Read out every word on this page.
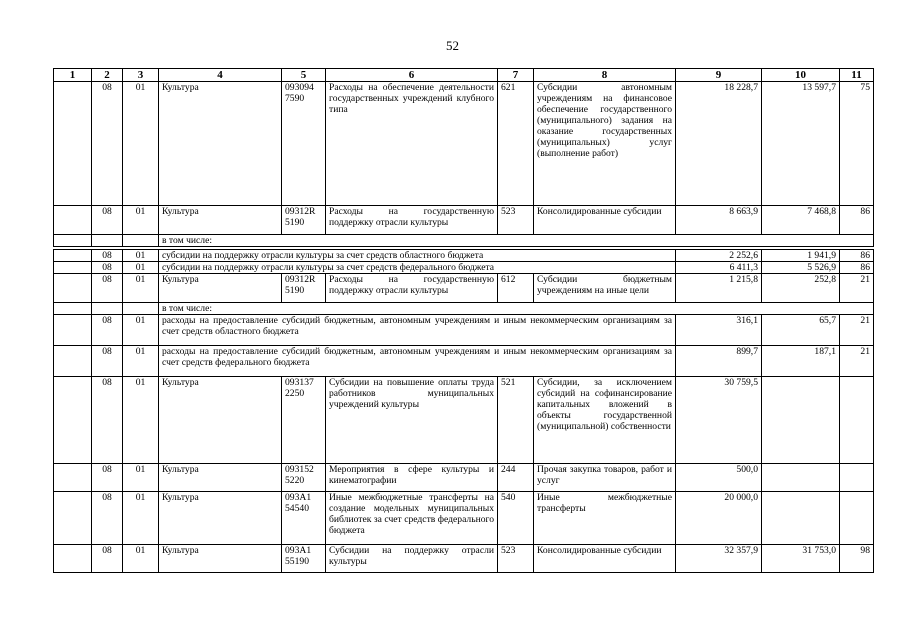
52
1	2	3	4	5	6	7	8	9	10	11
	08	01	Культура	093094 7590	Расходы на обеспечение деятельности государственных учреждений клубного типа	621	Субсидии автономным учреждениям на финансовое обеспечение государственного (муниципального) задания на оказание государственных (муниципальных) услуг (выполнение работ)	18 228,7	13 597,7	75
	08	01	Культура	09312R 5190	Расходы на государственную поддержку отрасли культуры	523	Консолидированные субсидии	8 663,9	7 468,8	86
			в том числе:							

	08	01	субсидии на поддержку отрасли культуры за счет средств областного бюджета					2 252,6	1 941,9	86
	08	01	субсидии на поддержку отрасли культуры за счет средств федерального бюджета					6 411,3	5 526,9	86
	08	01	Культура	09312R 5190	Расходы на государственную поддержку отрасли культуры	612	Субсидии бюджетным учреждениям на иные цели	1 215,8	252,8	21
			в том числе:							
	08	01	расходы на предоставление субсидий бюджетным, автономным учреждениям и иным некоммерческим организациям за счет средств областного бюджета					316,1	65,7	21
	08	01	расходы на предоставление субсидий бюджетным, автономным учреждениям и иным некоммерческим организациям за счет средств федерального бюджета					899,7	187,1	21
	08	01	Культура	093137 2250	Субсидии на повышение оплаты труда работников муниципальных учреждений культуры	521	Субсидии, за исключением субсидий на софинансирование капитальных вложений в объекты государственной (муниципальной) собственности	30 759,5		
	08	01	Культура	093152 5220	Мероприятия в сфере культуры и кинематографии	244	Прочая закупка товаров, работ и услуг	500,0		
	08	01	Культура	093A1 54540	Иные межбюджетные трансферты на создание модельных муниципальных библиотек за счет средств федерального бюджета	540	Иные межбюджетные трансферты	20 000,0		
	08	01	Культура	093A1 55190	Субсидии на поддержку отрасли культуры	523	Консолидированные субсидии	32 357,9	31 753,0	98
